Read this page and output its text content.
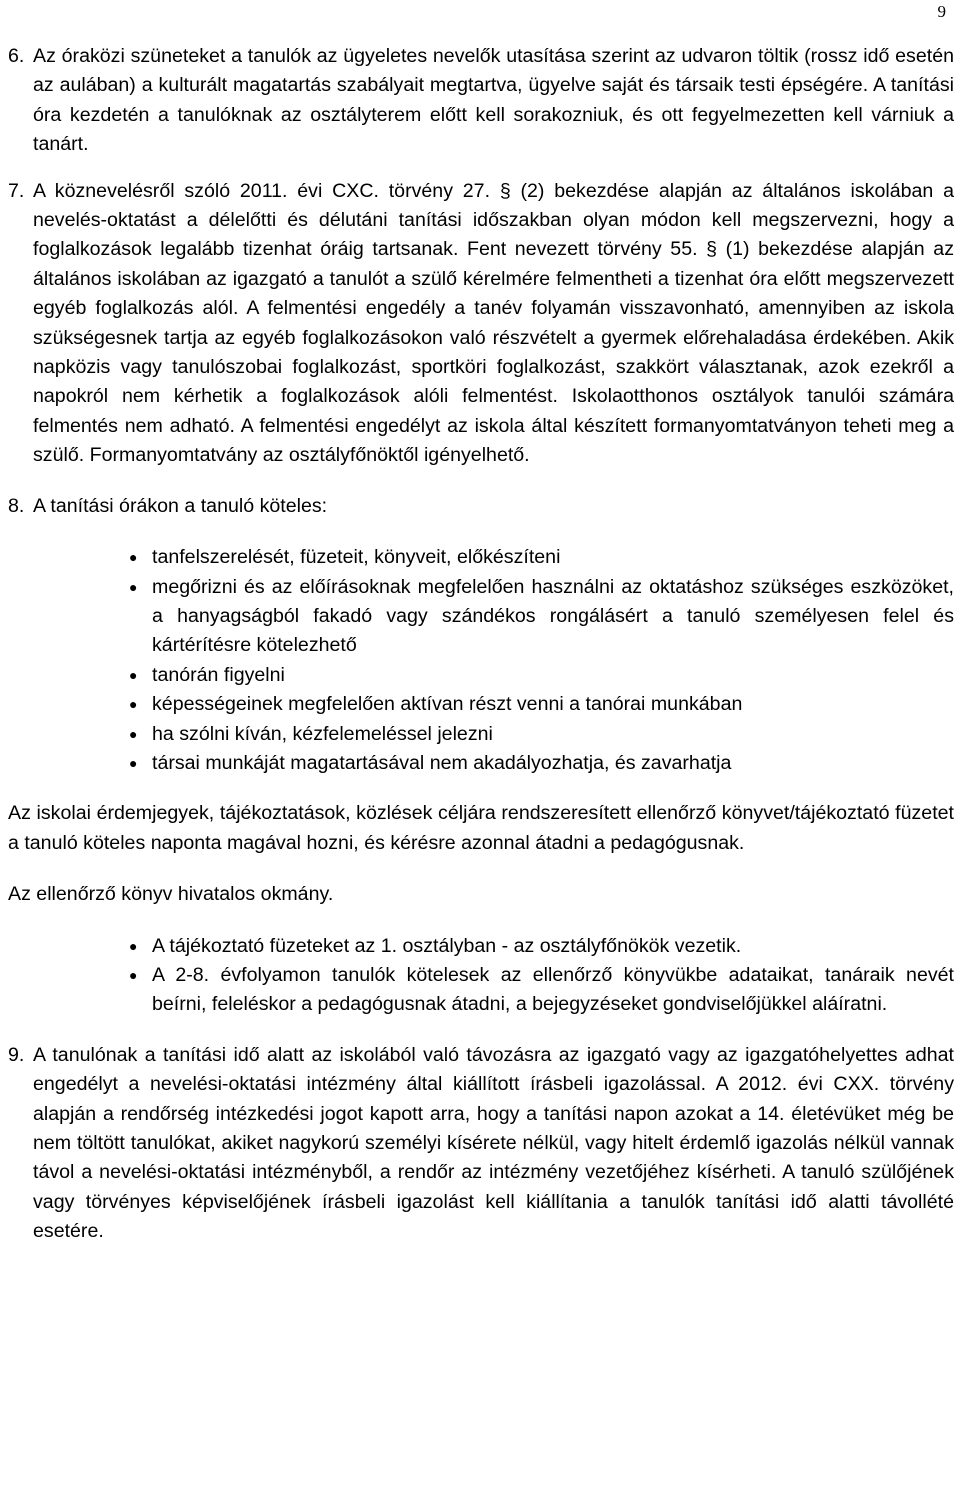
9
6. Az óraközi szüneteket a tanulók az ügyeletes nevelők utasítása szerint az udvaron töltik (rossz idő esetén az aulában) a kulturált magatartás szabályait megtartva, ügyelve saját és társaik testi épségére. A tanítási óra kezdetén a tanulóknak az osztályterem előtt kell sorakozniuk, és ott fegyelmezetten kell várniuk a tanárt.
7. A köznevelésről szóló 2011. évi CXC. törvény 27. § (2) bekezdése alapján az általános iskolában a nevelés-oktatást a délelőtti és délutáni tanítási időszakban olyan módon kell megszervezni, hogy a foglalkozások legalább tizenhat óráig tartsanak. Fent nevezett törvény 55. § (1) bekezdése alapján az általános iskolában az igazgató a tanulót a szülő kérelmére felmentheti a tizenhat óra előtt megszervezett egyéb foglalkozás alól. A felmentési engedély a tanév folyamán visszavonható, amennyiben az iskola szükségesnek tartja az egyéb foglalkozásokon való részvételt a gyermek előrehaladása érdekében. Akik napközis vagy tanulószobai foglalkozást, sportköri foglalkozást, szakkört választanak, azok ezekről a napokról nem kérhetik a foglalkozások alóli felmentést. Iskolaotthonos osztályok tanulói számára felmentés nem adható. A felmentési engedélyt az iskola által készített formanyomtatványon teheti meg a szülő. Formanyomtatvány az osztályfőnöktől igényelhető.
8. A tanítási órákon a tanuló köteles:
● tanfelszerelését, füzeteit, könyveit, előkészíteni
● megőrizni és az előírásoknak megfelelően használni az oktatáshoz szükséges eszközöket, a hanyagságból fakadó vagy szándékos rongálásért a tanuló személyesen felel és kártérítésre kötelezhető
● tanórán figyelni
● képességeinek megfelelően aktívan részt venni a tanórai munkában
● ha szólni kíván, kézfelemeléssel jelezni
● társai munkáját magatartásával nem akadályozhatja, és zavarhatja

Az iskolai érdemjegyek, tájékoztatások, közlések céljára rendszeresített ellenőrző könyvet/tájékoztató füzetet a tanuló köteles naponta magával hozni, és kérésre azonnal átadni a pedagógusnak.

Az ellenőrző könyv hivatalos okmány.

● A tájékoztató füzeteket az 1. osztályban - az osztályfőnökök vezetik.
● A 2-8. évfolyamon tanulók kötelesek az ellenőrző könyvükbe adataikat, tanáraik nevét beírni, feleléskor a pedagógusnak átadni, a bejegyzéseket gondviselőjükkel aláíratni.
9. A tanulónak a tanítási idő alatt az iskolából való távozásra az igazgató vagy az igazgatóhelyettes adhat engedélyt a nevelési-oktatási intézmény által kiállított írásbeli igazolással. A 2012. évi CXX. törvény alapján a rendőrség intézkedési jogot kapott arra, hogy a tanítási napon azokat a 14. életévüket még be nem töltött tanulókat, akiket nagykorú személyi kísérete nélkül, vagy hitelt érdemlő igazolás nélkül vannak távol a nevelési-oktatási intézményből, a rendőr az intézmény vezetőjéhez kísérheti. A tanuló szülőjének vagy törvényes képviselőjének írásbeli igazolást kell kiállítania a tanulók tanítási idő alatti távollété esetére.
